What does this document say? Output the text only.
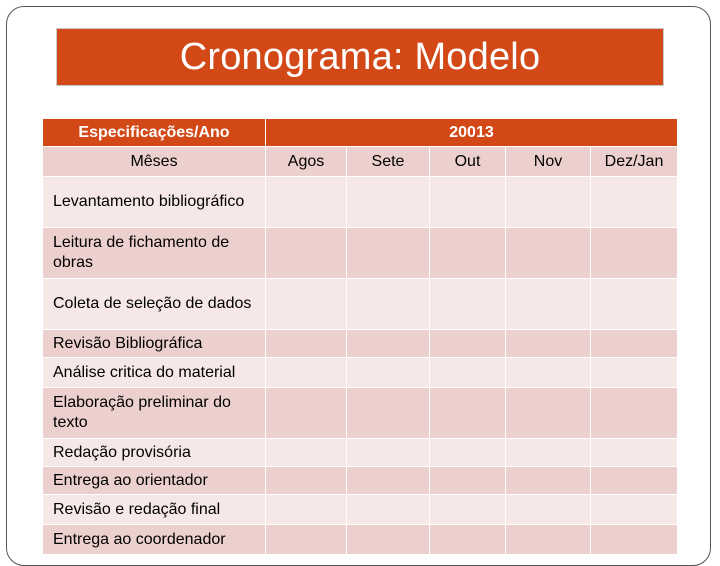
Cronograma: Modelo
Especificações/Ano	20013				
Mêses	Agos	Sete	Out	Nov	Dez/Jan
Levantamento bibliográfico					
Leitura de fichamento de obras					
Coleta de seleção de dados					
Revisão Bibliográfica					
Análise critica do material					
Elaboração preliminar do texto					
Redação provisória					
Entrega ao orientador					
Revisão e redação final					
Entrega ao coordenador					
